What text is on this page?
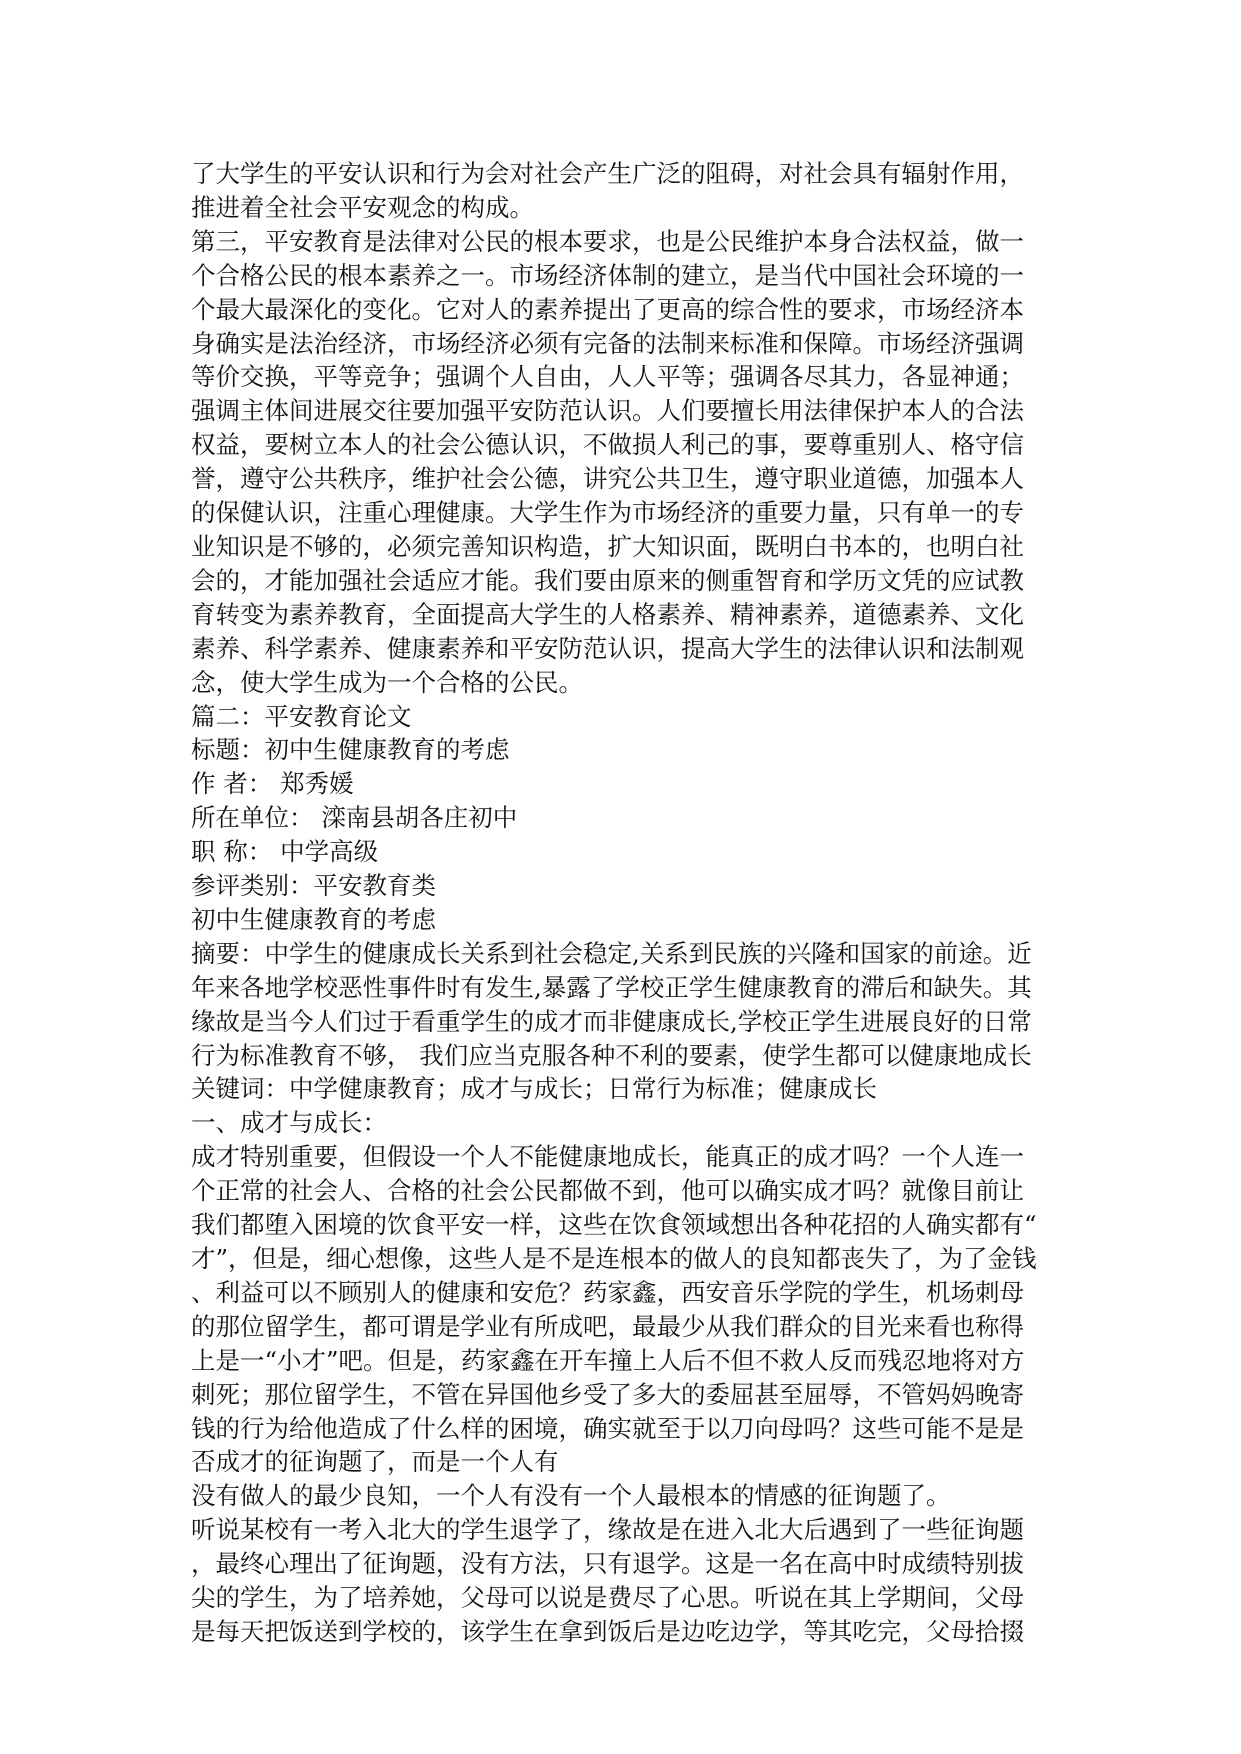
了大学生的平安认识和行为会对社会产生广泛的阻碍，对社会具有辐射作用，
推进着全社会平安观念的构成。
第三，平安教育是法律对公民的根本要求，也是公民维护本身合法权益，做一
个合格公民的根本素养之一。市场经济体制的建立，是当代中国社会环境的一
个最大最深化的变化。它对人的素养提出了更高的综合性的要求，市场经济本
身确实是法治经济，市场经济必须有完备的法制来标准和保障。市场经济强调
等价交换，平等竞争；强调个人自由，人人平等；强调各尽其力，各显神通；
强调主体间进展交往要加强平安防范认识。人们要擅长用法律保护本人的合法
权益，要树立本人的社会公德认识，不做损人利己的事，要尊重别人、格守信
誉，遵守公共秩序，维护社会公德，讲究公共卫生，遵守职业道德，加强本人
的保健认识，注重心理健康。大学生作为市场经济的重要力量，只有单一的专
业知识是不够的，必须完善知识构造，扩大知识面，既明白书本的，也明白社
会的，才能加强社会适应才能。我们要由原来的侧重智育和学历文凭的应试教
育转变为素养教育，全面提高大学生的人格素养、精神素养，道德素养、文化
素养、科学素养、健康素养和平安防范认识，提高大学生的法律认识和法制观
念，使大学生成为一个合格的公民。
篇二：平安教育论文
标题：初中生健康教育的考虑
作 者： 郑秀媛
所在单位： 滦南县胡各庄初中
职 称： 中学高级
参评类别：平安教育类
初中生健康教育的考虑
摘要：中学生的健康成长关系到社会稳定,关系到民族的兴隆和国家的前途。近
年来各地学校恶性事件时有发生,暴露了学校正学生健康教育的滞后和缺失。其
缘故是当今人们过于看重学生的成才而非健康成长,学校正学生进展良好的日常
行为标准教育不够， 我们应当克服各种不利的要素，使学生都可以健康地成长
关键词：中学健康教育；成才与成长；日常行为标准；健康成长
一、成才与成长：
成才特别重要，但假设一个人不能健康地成长，能真正的成才吗？一个人连一
个正常的社会人、合格的社会公民都做不到，他可以确实成才吗？就像目前让
我们都堕入困境的饮食平安一样，这些在饮食领域想出各种花招的人确实都有“
才”，但是，细心想像，这些人是不是连根本的做人的良知都丧失了，为了金钱
、利益可以不顾别人的健康和安危？药家鑫，西安音乐学院的学生，机场刺母
的那位留学生，都可谓是学业有所成吧，最最少从我们群众的目光来看也称得
上是一“小才”吧。但是，药家鑫在开车撞上人后不但不救人反而残忍地将对方
刺死；那位留学生，不管在异国他乡受了多大的委屈甚至屈辱，不管妈妈晚寄
钱的行为给他造成了什么样的困境，确实就至于以刀向母吗？这些可能不是是
否成才的征询题了，而是一个人有
没有做人的最少良知，一个人有没有一个人最根本的情感的征询题了。
听说某校有一考入北大的学生退学了，缘故是在进入北大后遇到了一些征询题
，最终心理出了征询题，没有方法，只有退学。这是一名在高中时成绩特别拔
尖的学生，为了培养她，父母可以说是费尽了心思。听说在其上学期间，父母
是每天把饭送到学校的，该学生在拿到饭后是边吃边学，等其吃完，父母拾掇
